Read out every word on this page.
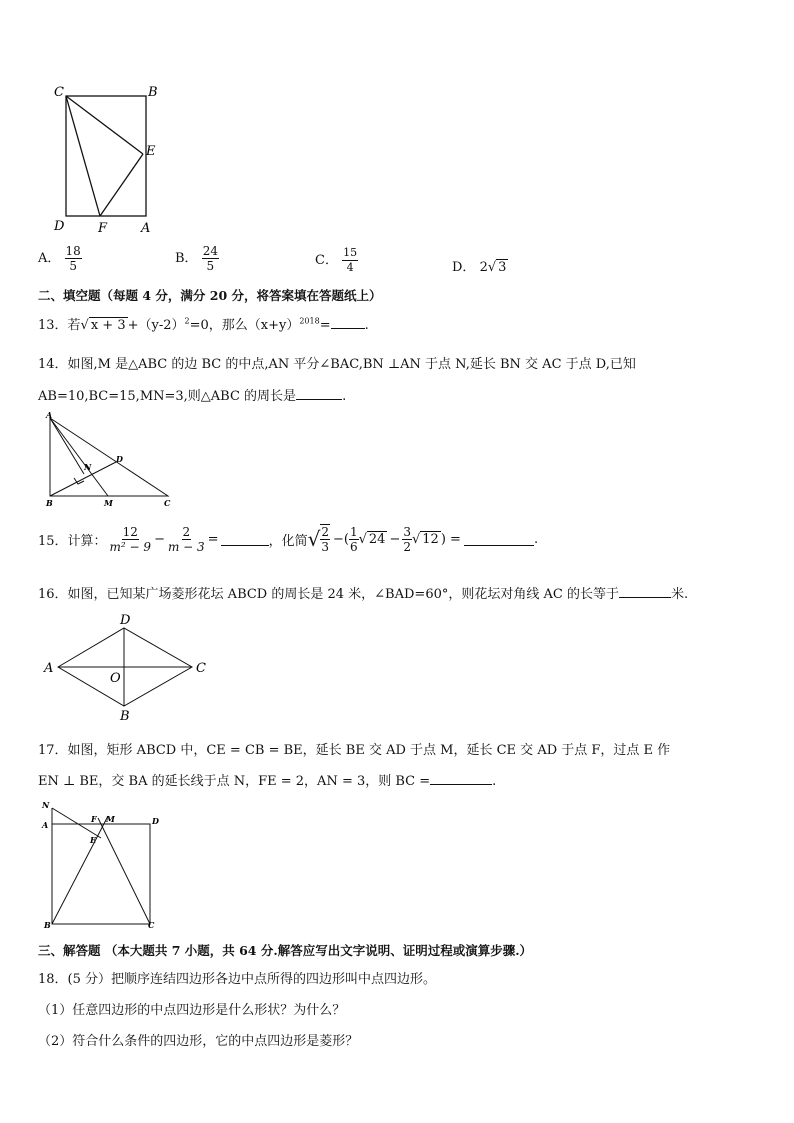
C	B
E
D	F	A
A． $\frac{18}{5}$	B． $\frac{24}{5}$	C． $\frac{15}{4}$	D． 2√ 3
二、填空题（每题 4 分，满分 20 分，将答案填在答题纸上）
13．若√ $x + 3 +(y-2)^2=0$，那么$(x+y)^{2018}=$	.
14．如图,M 是△ABC 的边 BC 的中点,AN 平分∠BAC,BN ⊥AN 于点 N,延长 BN 交 AC 于点 D,已知
AB=10,BC=15,MN=3,则△ABC 的周长是	.
A
N
D
B	M	C
15．计算： $\frac{12}{\text{m² − 9}} - \frac{2}{m - 3}$ =	，化简 √ $\frac{2}{3}$ −( $\frac{1}{6}$ √ $24 - \frac{3}{2}$ √ 12 ) =	.
16．如图，已知某广场菱形花坛 ABCD 的周长是 24 米，∠BAD=60°，则花坛对角线 AC 的长等于	米.
A
D
C
B
O
17．如图，矩形 ABCD 中，CE = CB = BE，延长 BE 交 AD 于点 M，延长 CE 交 AD 于点 F，过点 E 作
EN ⊥ BE，交 BA 的延长线于点 N，FE = 2，AN = 3，则 BC =	.
N
A
F M	D
E
B	C
三、解答题 （本大题共 7 小题，共 64 分.解答应写出文字说明、证明过程或演算步骤.）
18．(5 分）把顺序连结四边形各边中点所得的四边形叫中点四边形。
（1）任意四边形的中点四边形是什么形状？为什么？
（2）符合什么条件的四边形，它的中点四边形是菱形？
